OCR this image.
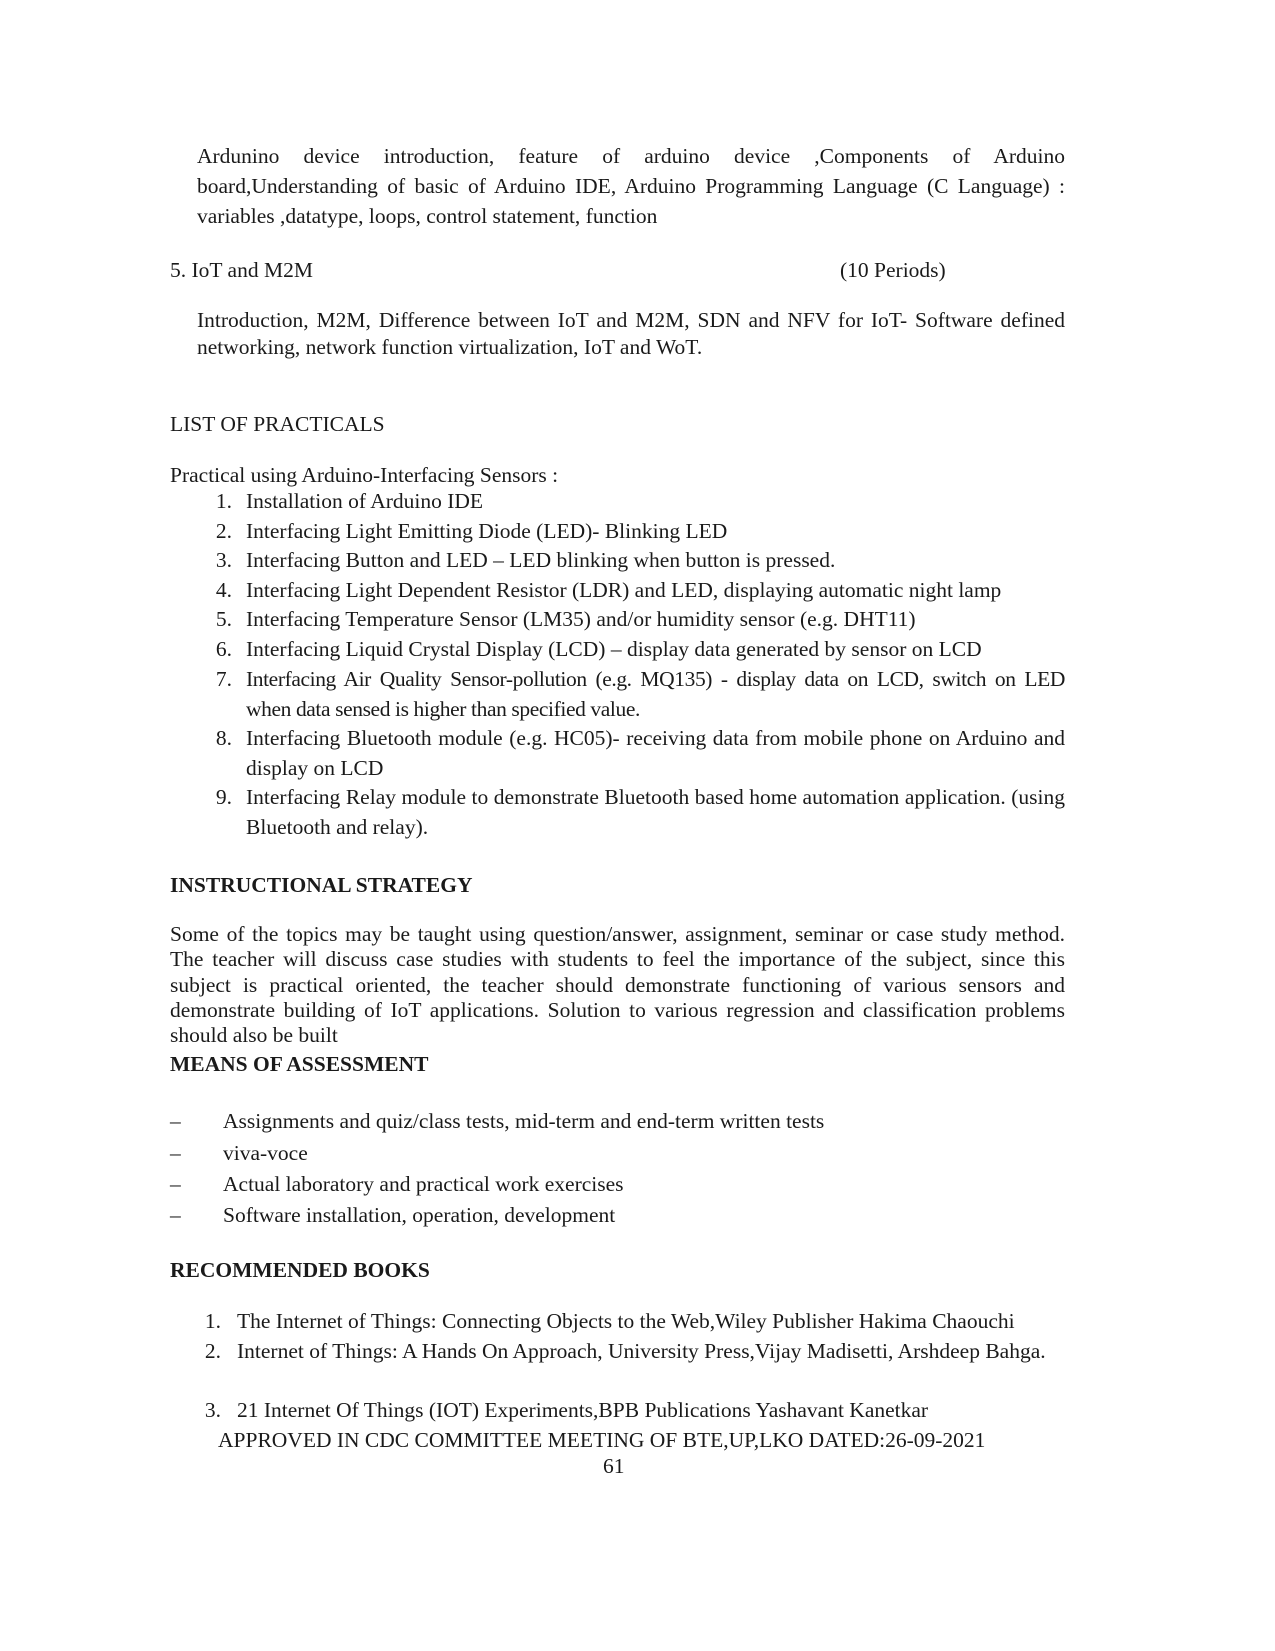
Ardunino device introduction, feature of arduino device ,Components of Arduino board,Understanding of basic of Arduino IDE, Arduino Programming Language (C Language) : variables ,datatype, loops, control statement, function
5. IoT and M2M	(10 Periods)
Introduction, M2M, Difference between IoT and M2M, SDN and NFV for IoT- Software defined networking, network function virtualization, IoT and WoT.
LIST OF PRACTICALS
Practical using Arduino-Interfacing Sensors :
1. Installation of Arduino IDE
2. Interfacing Light Emitting Diode (LED)- Blinking LED
3. Interfacing Button and LED – LED blinking when button is pressed.
4. Interfacing Light Dependent Resistor (LDR) and LED, displaying automatic night lamp
5. Interfacing Temperature Sensor (LM35) and/or humidity sensor (e.g. DHT11)
6. Interfacing Liquid Crystal Display (LCD) – display data generated by sensor on LCD
7. Interfacing Air Quality Sensor-pollution (e.g. MQ135) - display data on LCD, switch on LED when data sensed is higher than specified value.
8. Interfacing Bluetooth module (e.g. HC05)- receiving data from mobile phone on Arduino and display on LCD
9. Interfacing Relay module to demonstrate Bluetooth based home automation application. (using Bluetooth and relay).
INSTRUCTIONAL STRATEGY
Some of the topics may be taught using question/answer, assignment, seminar or case study method. The teacher will discuss case studies with students to feel the importance of the subject, since this subject is practical oriented, the teacher should demonstrate functioning of various sensors and demonstrate building of IoT applications. Solution to various regression and classification problems should also be built
MEANS OF ASSESSMENT
– Assignments and quiz/class tests, mid-term and end-term written tests
– viva-voce
– Actual laboratory and practical work exercises
– Software installation, operation, development
RECOMMENDED BOOKS
1. The Internet of Things: Connecting Objects to the Web,Wiley Publisher Hakima Chaouchi
2. Internet of Things: A Hands On Approach, University Press,Vijay Madisetti, Arshdeep Bahga.
3. 21 Internet Of Things (IOT) Experiments,BPB Publications Yashavant Kanetkar
APPROVED IN CDC COMMITTEE MEETING OF BTE,UP,LKO DATED:26-09-2021
61
